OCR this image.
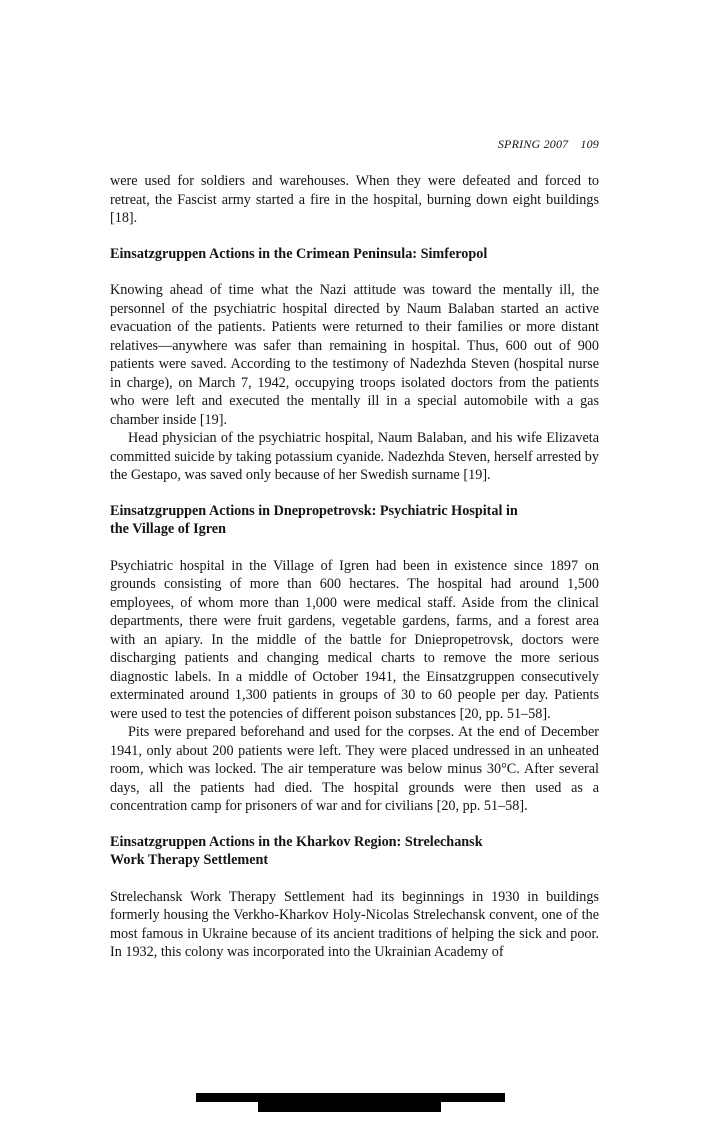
SPRING 2007 109

were used for soldiers and warehouses. When they were defeated and forced to retreat, the Fascist army started a fire in the hospital, burning down eight buildings [18].

Einsatzgruppen Actions in the Crimean Peninsula: Simferopol

Knowing ahead of time what the Nazi attitude was toward the mentally ill, the personnel of the psychiatric hospital directed by Naum Balaban started an active evacuation of the patients. Patients were returned to their families or more distant relatives—anywhere was safer than remaining in hospital. Thus, 600 out of 900 patients were saved. According to the testimony of Nadezhda Steven (hospital nurse in charge), on March 7, 1942, occupying troops isolated doctors from the patients who were left and executed the mentally ill in a special automobile with a gas chamber inside [19].

Head physician of the psychiatric hospital, Naum Balaban, and his wife Elizaveta committed suicide by taking potassium cyanide. Nadezhda Steven, herself arrested by the Gestapo, was saved only because of her Swedish surname [19].

Einsatzgruppen Actions in Dnepropetrovsk: Psychiatric Hospital in
the Village of Igren

Psychiatric hospital in the Village of Igren had been in existence since 1897 on grounds consisting of more than 600 hectares. The hospital had around 1,500 employees, of whom more than 1,000 were medical staff. Aside from the clinical departments, there were fruit gardens, vegetable gardens, farms, and a forest area with an apiary. In the middle of the battle for Dniepropetrovsk, doctors were discharging patients and changing medical charts to remove the more serious diagnostic labels. In a middle of October 1941, the Einsatzgruppen consecutively exterminated around 1,300 patients in groups of 30 to 60 people per day. Patients were used to test the potencies of different poison substances [20, pp. 51–58].

Pits were prepared beforehand and used for the corpses. At the end of December 1941, only about 200 patients were left. They were placed undressed in an unheated room, which was locked. The air temperature was below minus 30°C. After several days, all the patients had died. The hospital grounds were then used as a concentration camp for prisoners of war and for civilians [20, pp. 51–58].

Einsatzgruppen Actions in the Kharkov Region: Strelechansk
Work Therapy Settlement

Strelechansk Work Therapy Settlement had its beginnings in 1930 in buildings formerly housing the Verkho-Kharkov Holy-Nicolas Strelechansk convent, one of the most famous in Ukraine because of its ancient traditions of helping the sick and poor. In 1932, this colony was incorporated into the Ukrainian Academy of
